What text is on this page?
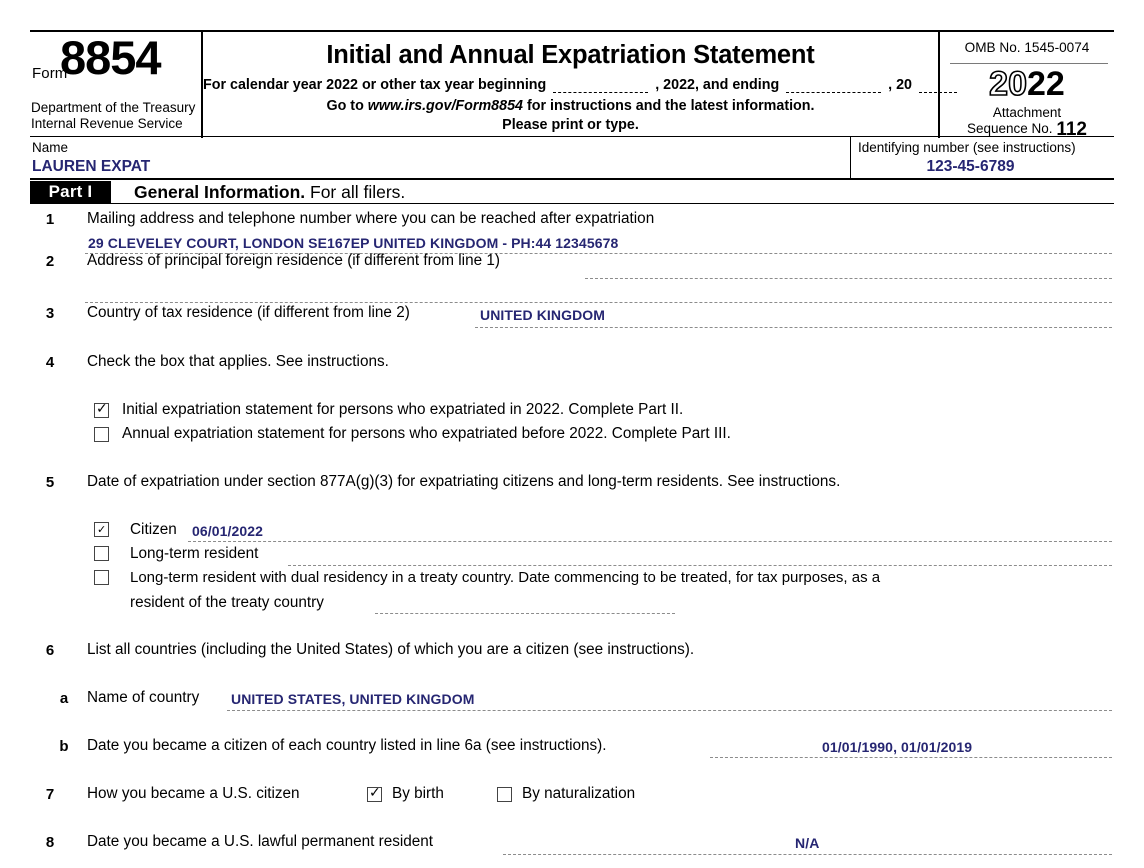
Form
8854
Department of the Treasury
Internal Revenue Service
Initial and Annual Expatriation Statement
For calendar year 2022 or other tax year beginning	, 2022, and ending	, 20
Go to www.irs.gov/Form8854 for instructions and the latest information.
Please print or type.
OMB No. 1545-0074
2022
Attachment
Sequence No. 112
Name
LAUREN EXPAT
Identifying number (see instructions)
123-45-6789
Part I	General Information. For all filers.
1	Mailing address and telephone number where you can be reached after expatriation
29 CLEVELEY COURT, LONDON SE167EP UNITED KINGDOM - PH:44 12345678
2	Address of principal foreign residence (if different from line 1)
3	Country of tax residence (if different from line 2)	UNITED KINGDOM
4	Check the box that applies. See instructions.
✓
Initial expatriation statement for persons who expatriated in 2022. Complete Part II.
Annual expatriation statement for persons who expatriated before 2022. Complete Part III.
5	Date of expatriation under section 877A(g)(3) for expatriating citizens and long-term residents. See instructions.
✓
Citizen 06/01/2022
Long-term resident
Long-term resident with dual residency in a treaty country. Date commencing to be treated, for tax purposes, as a
resident of the treaty country
6	List all countries (including the United States) of which you are a citizen (see instructions).
a	Name of country UNITED STATES, UNITED KINGDOM
b	Date you became a citizen of each country listed in line 6a (see instructions).	01/01/1990, 01/01/2019
7	How you became a U.S. citizen ✓	By birth	By naturalization
8	Date you became a U.S. lawful permanent resident	N/A
